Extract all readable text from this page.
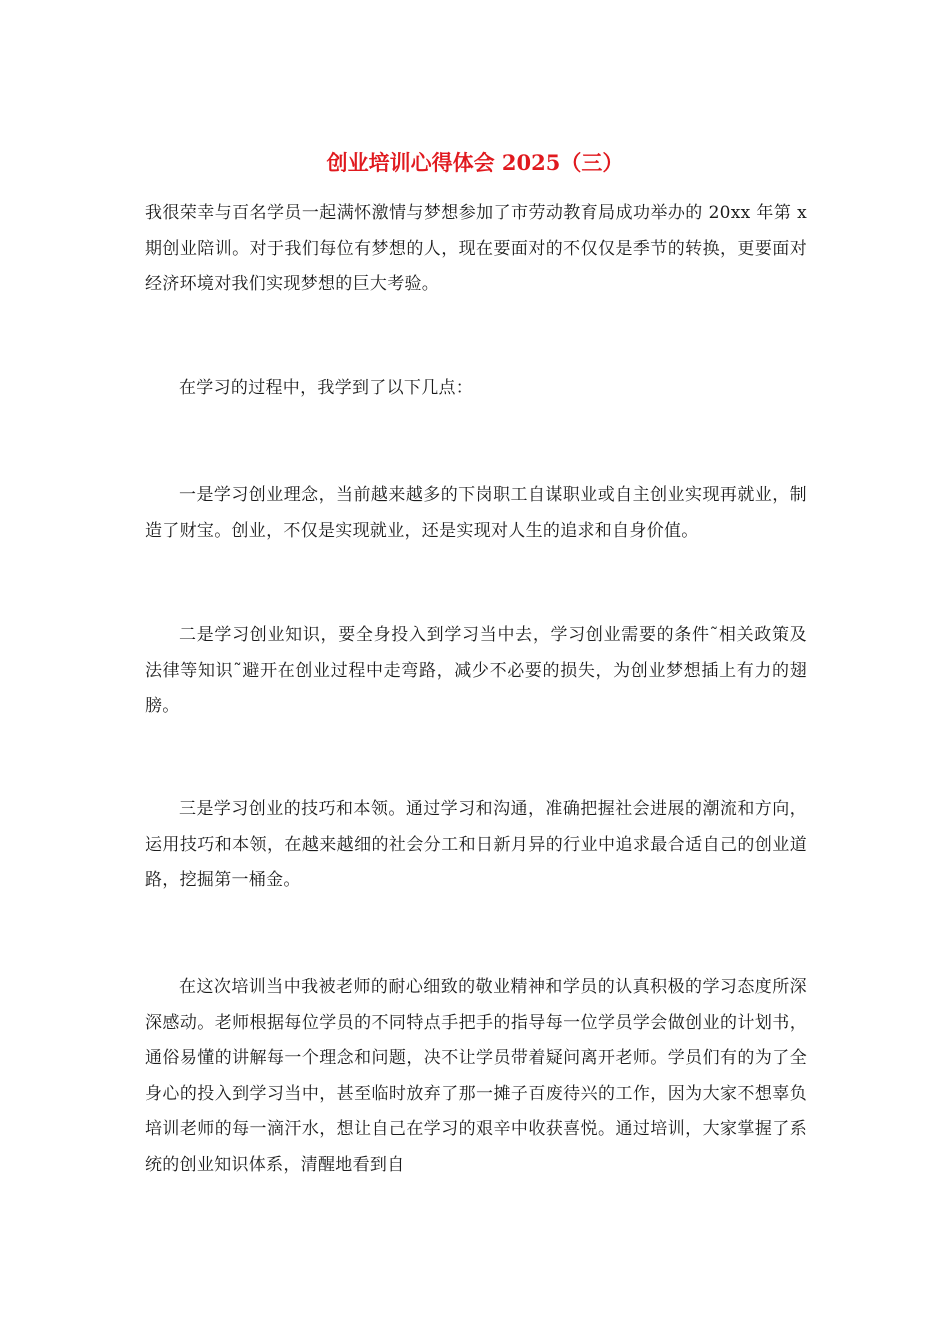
创业培训心得体会 2025（三）

我很荣幸与百名学员一起满怀激情与梦想参加了市劳动教育局成功举办的 20xx 年第 x 期创业陪训。对于我们每位有梦想的人，现在要面对的不仅仅是季节的转换，更要面对经济环境对我们实现梦想的巨大考验。

在学习的过程中，我学到了以下几点：

一是学习创业理念，当前越来越多的下岗职工自谋职业或自主创业实现再就业，制造了财宝。创业，不仅是实现就业，还是实现对人生的追求和自身价值。

二是学习创业知识，要全身投入到学习当中去，学习创业需要的条件˜相关政策及法律等知识˜避开在创业过程中走弯路，减少不必要的损失，为创业梦想插上有力的翅膀。

三是学习创业的技巧和本领。通过学习和沟通，准确把握社会进展的潮流和方向，运用技巧和本领，在越来越细的社会分工和日新月异的行业中追求最合适自己的创业道路，挖掘第一桶金。

在这次培训当中我被老师的耐心细致的敬业精神和学员的认真积极的学习态度所深深感动。老师根据每位学员的不同特点手把手的指导每一位学员学会做创业的计划书，通俗易懂的讲解每一个理念和问题，决不让学员带着疑问离开老师。学员们有的为了全身心的投入到学习当中，甚至临时放弃了那一摊子百废待兴的工作，因为大家不想辜负培训老师的每一滴汗水，想让自己在学习的艰辛中收获喜悦。通过培训，大家掌握了系统的创业知识体系，清醒地看到自
